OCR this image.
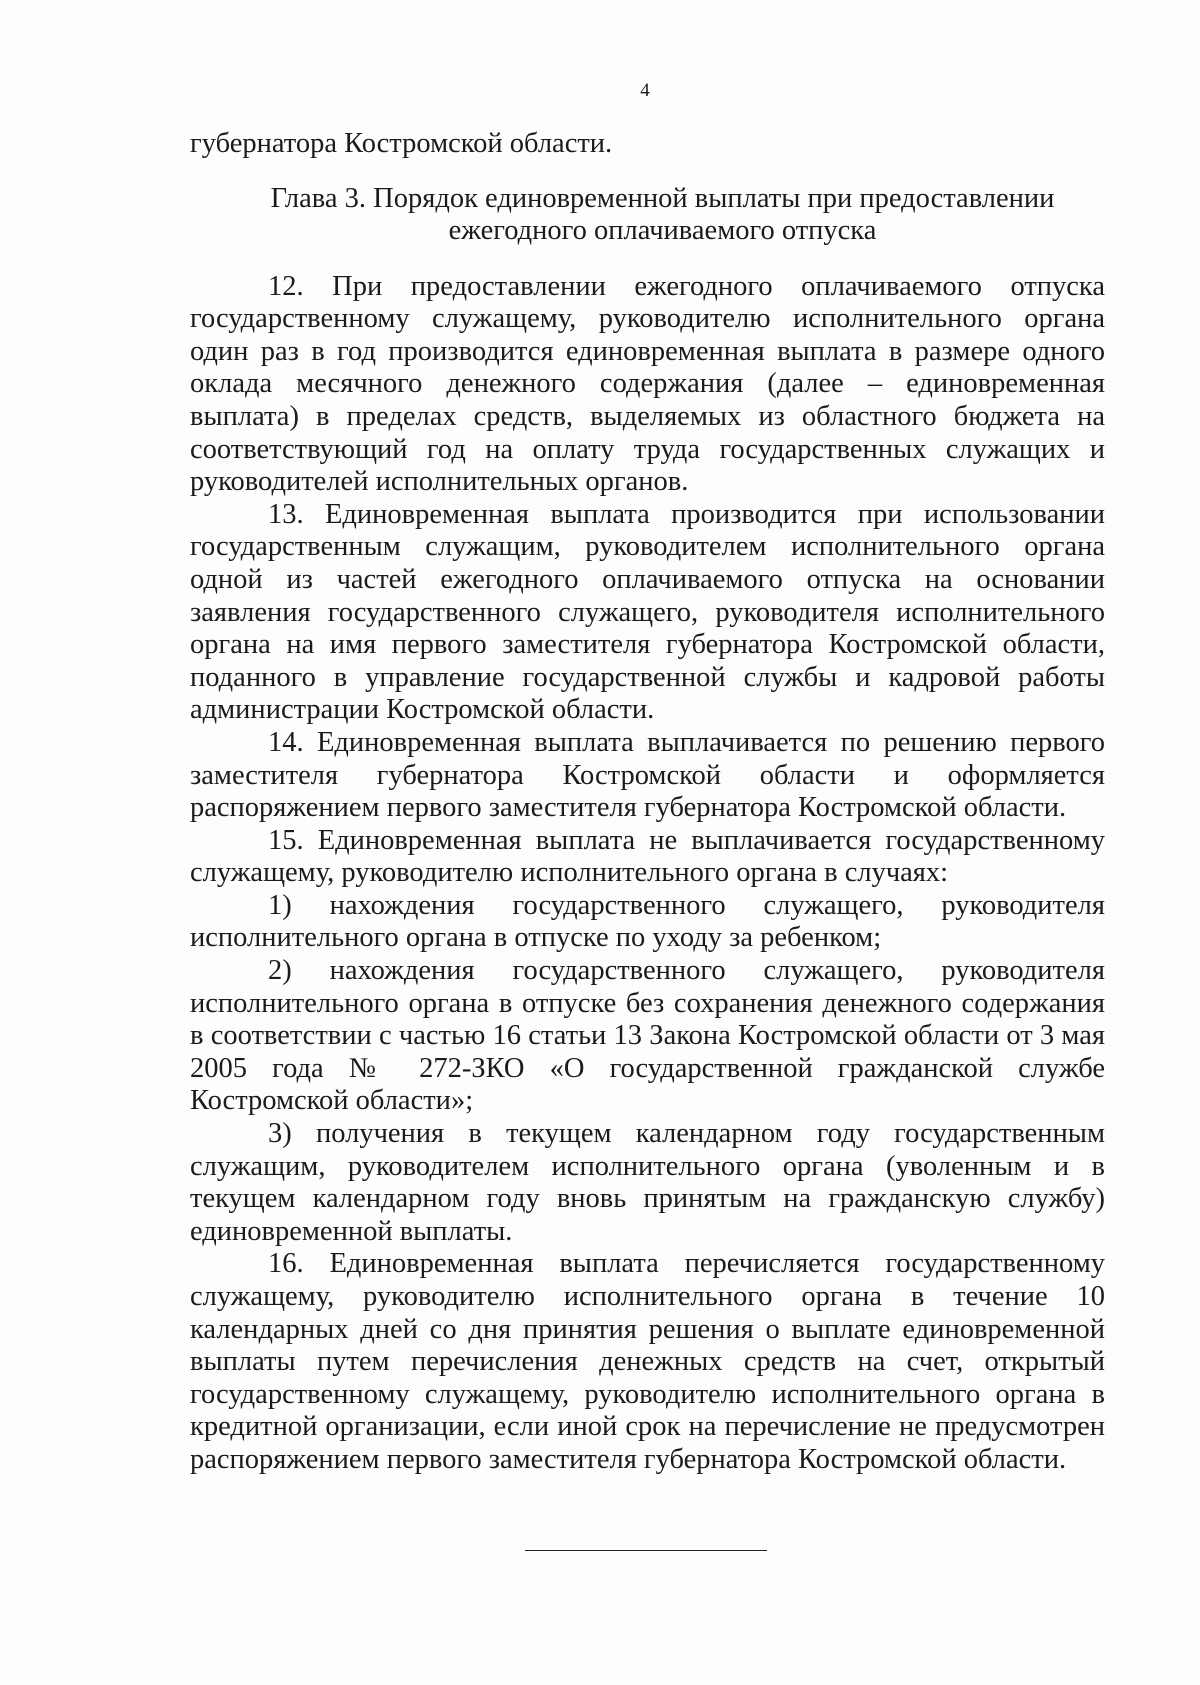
4

губернатора Костромской области.

Глава 3. Порядок единовременной выплаты при предоставлении
ежегодного оплачиваемого отпуска

12. При предоставлении ежегодного оплачиваемого отпуска государственному служащему, руководителю исполнительного органа один раз в год производится единовременная выплата в размере одного оклада месячного денежного содержания (далее – единовременная выплата) в пределах средств, выделяемых из областного бюджета на соответствующий год на оплату труда государственных служащих и руководителей исполнительных органов.

13. Единовременная выплата производится при использовании государственным служащим, руководителем исполнительного органа одной из частей ежегодного оплачиваемого отпуска на основании заявления государственного служащего, руководителя исполнительного органа на имя первого заместителя губернатора Костромской области, поданного в управление государственной службы и кадровой работы администрации Костромской области.

14. Единовременная выплата выплачивается по решению первого заместителя губернатора Костромской области и оформляется распоряжением первого заместителя губернатора Костромской области.

15. Единовременная выплата не выплачивается государственному служащему, руководителю исполнительного органа в случаях:

1) нахождения государственного служащего, руководителя исполнительного органа в отпуске по уходу за ребенком;

2) нахождения государственного служащего, руководителя исполнительного органа в отпуске без сохранения денежного содержания в соответствии с частью 16 статьи 13 Закона Костромской области от 3 мая 2005 года № 272-ЗКО «О государственной гражданской службе Костромской области»;

3) получения в текущем календарном году государственным служащим, руководителем исполнительного органа (уволенным и в текущем календарном году вновь принятым на гражданскую службу) единовременной выплаты.

16. Единовременная выплата перечисляется государственному служащему, руководителю исполнительного органа в течение 10 календарных дней со дня принятия решения о выплате единовременной выплаты путем перечисления денежных средств на счет, открытый государственному служащему, руководителю исполнительного органа в кредитной организации, если иной срок на перечисление не предусмотрен распоряжением первого заместителя губернатора Костромской области.
